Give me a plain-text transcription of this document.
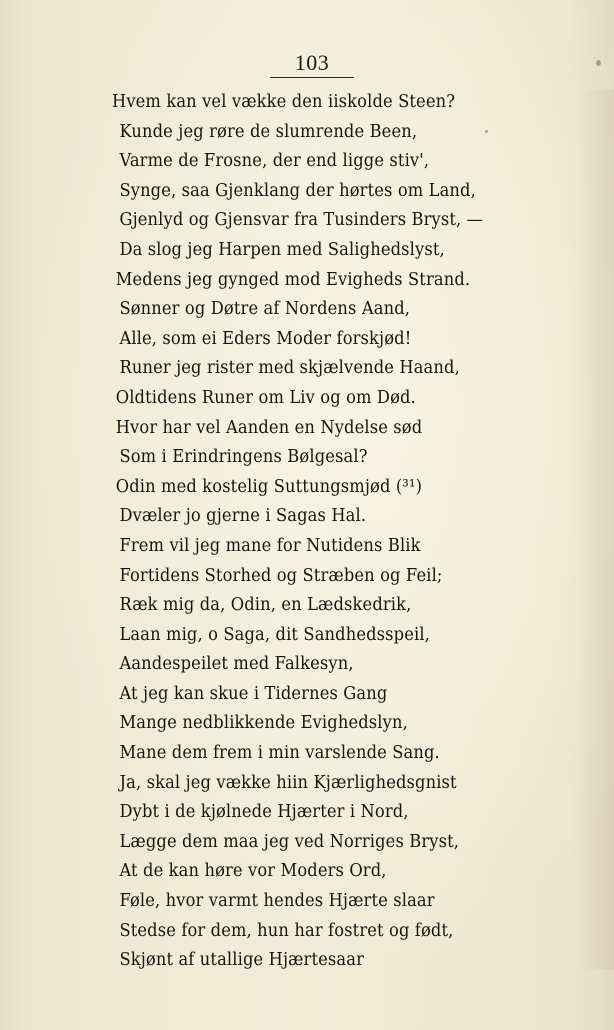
103
Hvem kan vel vække den iiskolde Steen?
Kunde jeg røre de slumrende Been,
Varme de Frosne, der end ligge stiv',
Synge, saa Gjenklang der hørtes om Land,
Gjenlyd og Gjensvar fra Tusinders Bryst, —
Da slog jeg Harpen med Salighedslyst,
Medens jeg gynged mod Evigheds Strand.
Sønner og Døtre af Nordens Aand,
Alle, som ei Eders Moder forskjød!
Runer jeg rister med skjælvende Haand,
Oldtidens Runer om Liv og om Død.
Hvor har vel Aanden en Nydelse sød
Som i Erindringens Bølgesal?
Odin med kostelig Suttungsmjød (³¹)
Dvæler jo gjerne i Sagas Hal.
Frem vil jeg mane for Nutidens Blik
Fortidens Storhed og Stræben og Feil;
Ræk mig da, Odin, en Lædskedrik,
Laan mig, o Saga, dit Sandhedsspeil,
Aandespeilet med Falkesyn,
At jeg kan skue i Tidernes Gang
Mange nedblikkende Evighedslyn,
Mane dem frem i min varslende Sang.
Ja, skal jeg vække hiin Kjærlighedsgnist
Dybt i de kjølnede Hjærter i Nord,
Lægge dem maa jeg ved Norriges Bryst,
At de kan høre vor Moders Ord,
Føle, hvor varmt hendes Hjærte slaar
Stedse for dem, hun har fostret og født,
Skjønt af utallige Hjærtesaar
